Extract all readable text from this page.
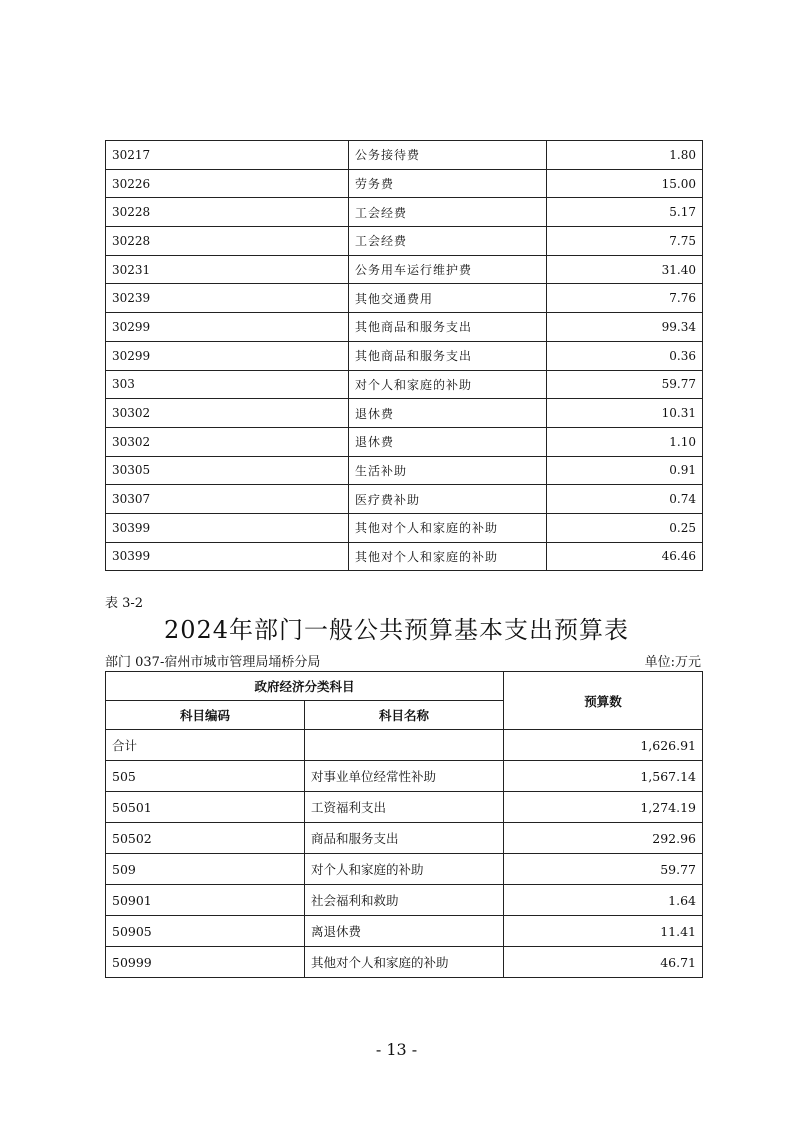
30217	公务接待费	1.80
30226	劳务费	15.00
30228	工会经费	5.17
30228	工会经费	7.75
30231	公务用车运行维护费	31.40
30239	其他交通费用	7.76
30299	其他商品和服务支出	99.34
30299	其他商品和服务支出	0.36
303	对个人和家庭的补助	59.77
30302	退休费	10.31
30302	退休费	1.10
30305	生活补助	0.91
30307	医疗费补助	0.74
30399	其他对个人和家庭的补助	0.25
30399	其他对个人和家庭的补助	46.46
表 3-2
2024年部门一般公共预算基本支出预算表
部门 037-宿州市城市管理局埇桥分局	单位:万元
政府经济分类科目		预算数
科目编码	科目名称	
合计		1,626.91
505	对事业单位经常性补助	1,567.14
50501	工资福利支出	1,274.19
50502	商品和服务支出	292.96
509	对个人和家庭的补助	59.77
50901	社会福利和救助	1.64
50905	离退休费	11.41
50999	其他对个人和家庭的补助	46.71
- 13 -
